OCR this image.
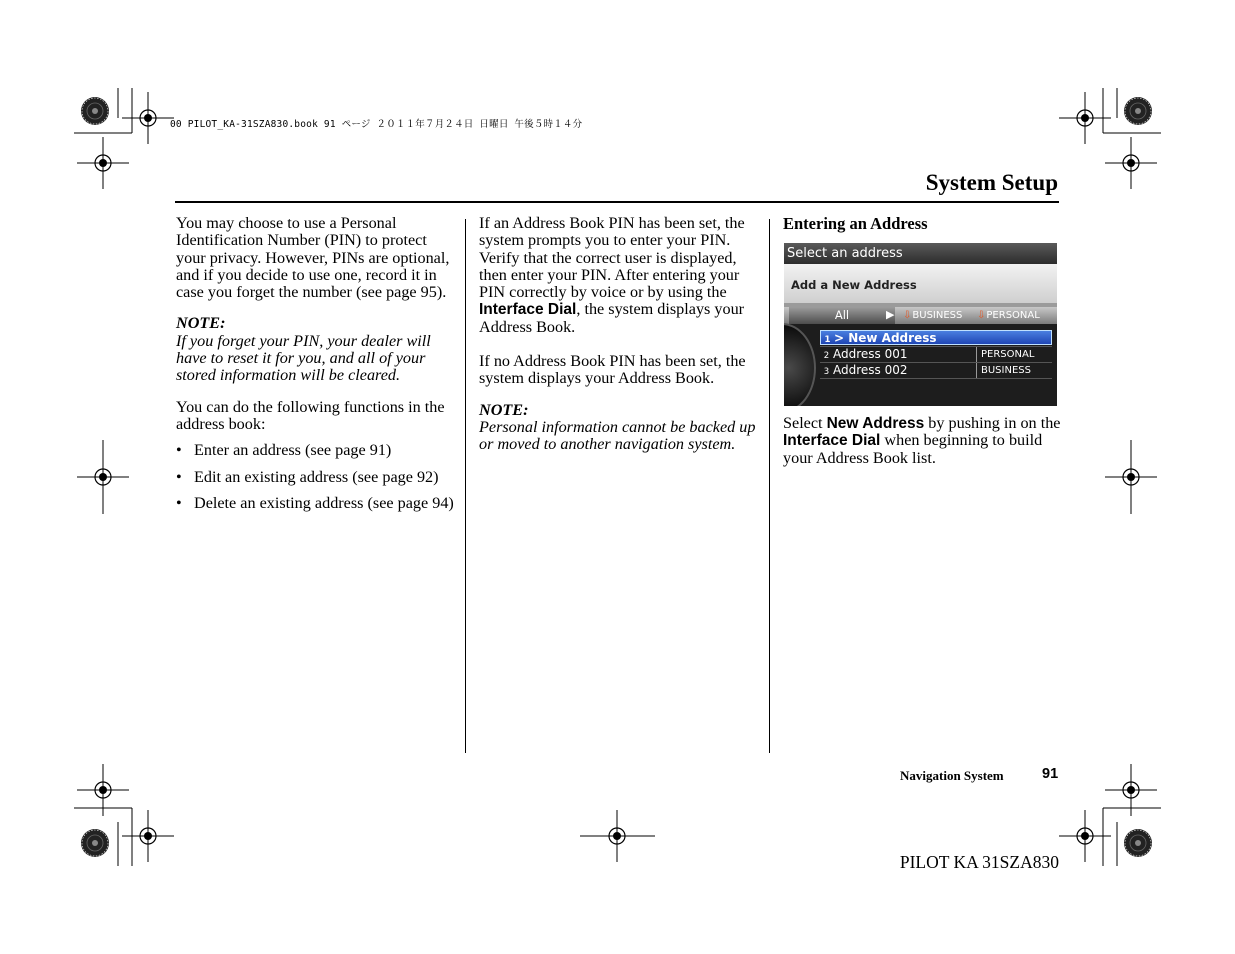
00 PILOT_KA-31SZA830.book 91 ページ ２０１１年７月２４日 日曜日 午後５時１４分
System Setup

You may choose to use a Personal Identification Number (PIN) to protect your privacy. However, PINs are optional, and if you decide to use one, record it in case you forget the number (see page 95).

NOTE:

If you forget your PIN, your dealer will have to reset it for you, and all of your stored information will be cleared.

You can do the following functions in the address book:

• Enter an address (see page 91)
• Edit an existing address (see page 92)
• Delete an existing address (see page 94)

If an Address Book PIN has been set, the system prompts you to enter your PIN. Verify that the correct user is displayed, then enter your PIN. After entering your PIN correctly by voice or by using the Interface Dial, the system displays your Address Book.

If no Address Book PIN has been set, the system displays your Address Book.

NOTE:

Personal information cannot be backed up or moved to another navigation system.

Entering an Address

Select an address
Add a New Address
All	▶ ⇩BUSINESS	⇩PERSONAL
1 > New Address
2 Address 001	PERSONAL
3 Address 002	BUSINESS

Select New Address by pushing in on the Interface Dial when beginning to build your Address Book list.

Navigation System	91
PILOT KA 31SZA830
